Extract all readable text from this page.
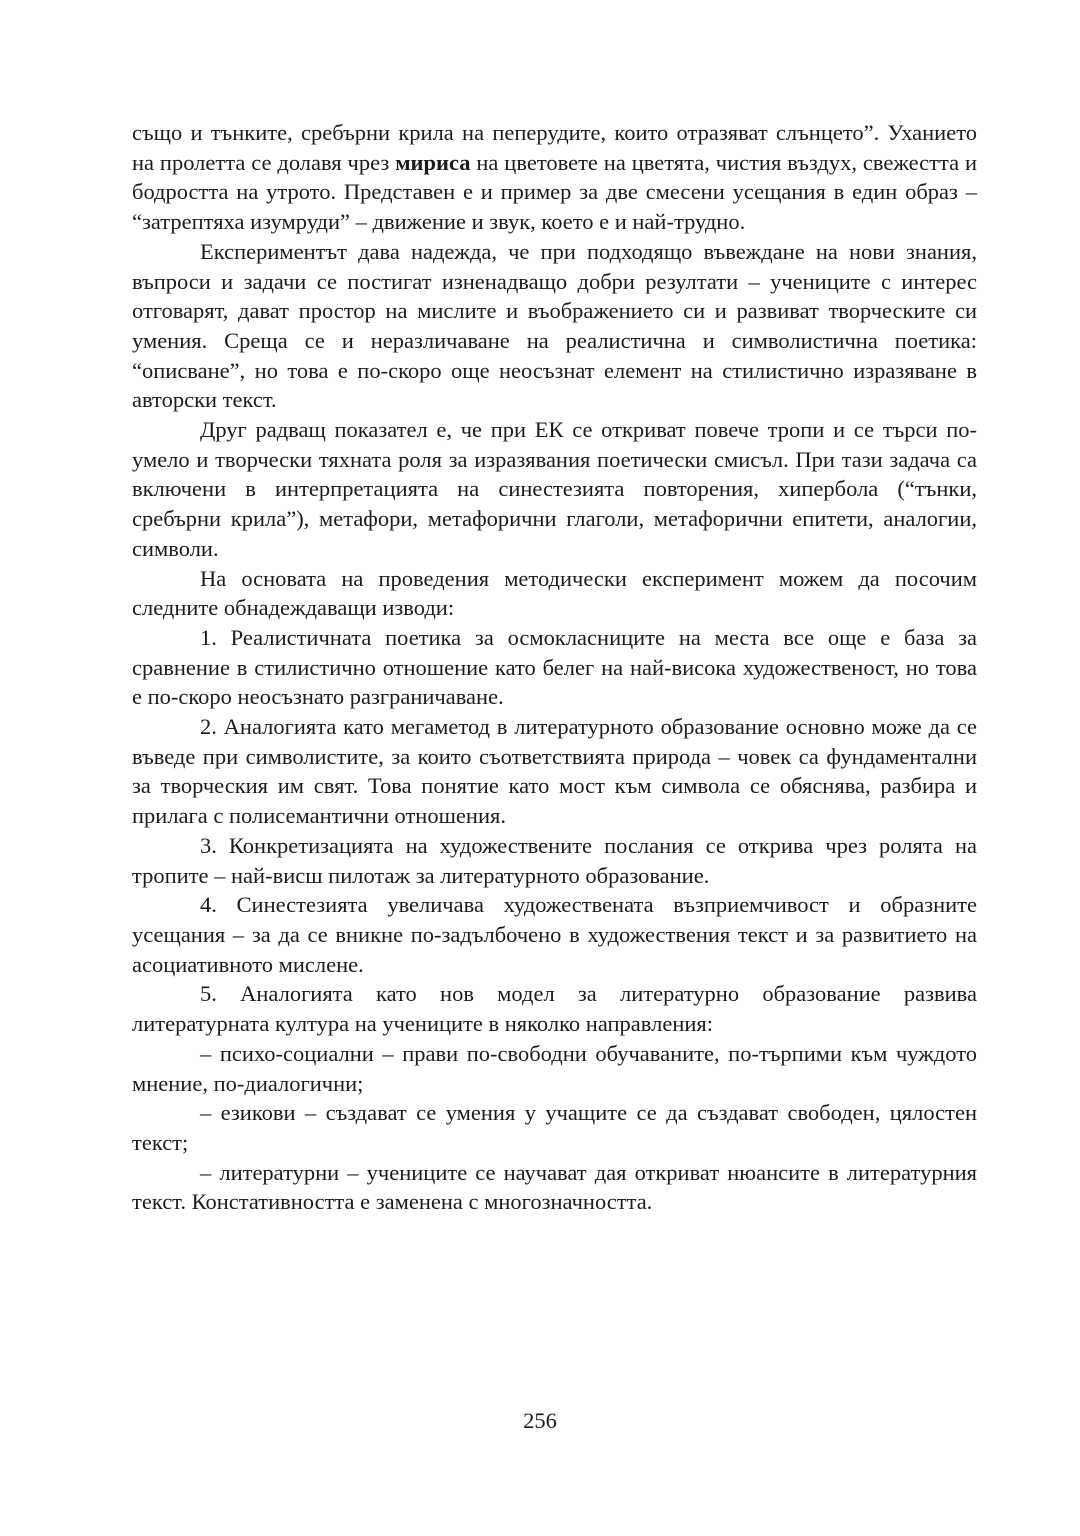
също и тънките, сребърни крила на пеперудите, които отразяват слънцето”. Уханието на пролетта се долавя чрез мириса на цветовете на цветята, чистия въздух, свежестта и бодростта на утрото. Представен е и пример за две смесени усещания в един образ – “затрептяха изумруди” – движение и звук, което е и най-трудно.

Експериментът дава надежда, че при подходящо въвеждане на нови знания, въпроси и задачи се постигат изненадващо добри резултати – учениците с интерес отговарят, дават простор на мислите и въображението си и развиват творческите си умения. Среща се и неразличаване на реалистична и символистична поетика: “описване”, но това е по-скоро още неосъзнат елемент на стилистично изразяване в авторски текст.

Друг радващ показател е, че при ЕК се откриват повече тропи и се търси по-умело и творчески тяхната роля за изразявания поетически смисъл. При тази задача са включени в интерпретацията на синестезията повторения, хипербола (“тънки, сребърни крила”), метафори, метафорични глаголи, метафорични епитети, аналогии, символи.

На основата на проведения методически експеримент можем да посочим следните обнадеждаващи изводи:

1. Реалистичната поетика за осмокласниците на места все още е база за сравнение в стилистично отношение като белег на най-висока художественост, но това е по-скоро неосъзнато разграничаване.

2. Аналогията като мегаметод в литературното образование основно може да се въведе при символистите, за които съответствията природа – човек са фундаментални за творческия им свят. Това понятие като мост към символа се обяснява, разбира и прилага с полисемантични отношения.

3. Конкретизацията на художествените послания се открива чрез ролята на тропите – най-висш пилотаж за литературното образование.

4. Синестезията увеличава художествената възприемчивост и образните усещания – за да се вникне по-задълбочено в художествения текст и за развитието на асоциативното мислене.

5. Аналогията като нов модел за литературно образование развива литературната култура на учениците в няколко направления:

– психо-социални – прави по-свободни обучаваните, по-търпими към чуждото мнение, по-диалогични;

– езикови – създават се умения у учащите се да създават свободен, цялостен текст;

– литературни – учениците се научават дая откриват нюансите в литературния текст. Констативността е заменена с многозначността.

256
